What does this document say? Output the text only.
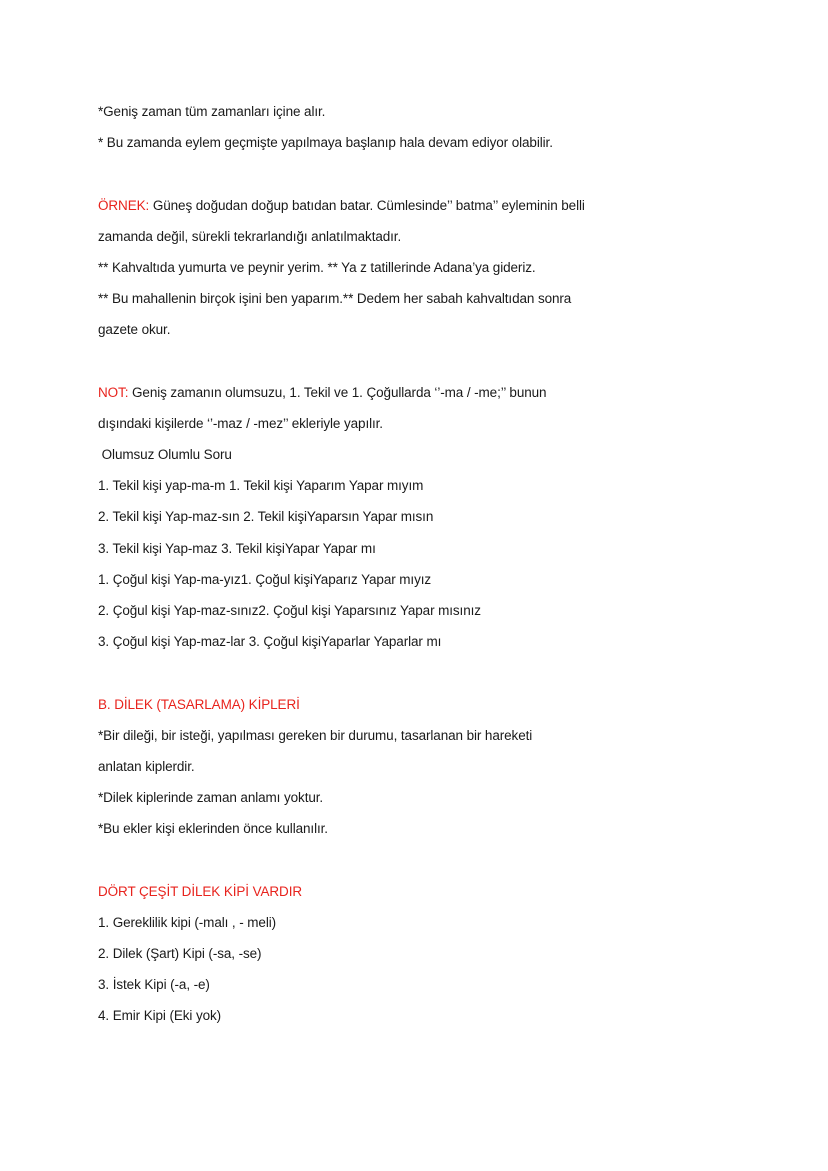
*Geniş zaman tüm zamanları içine alır.
* Bu zamanda eylem geçmişte yapılmaya başlanıp hala devam ediyor olabilir.
ÖRNEK: Güneş doğudan doğup batıdan batar. Cümlesinde’’ batma’’ eyleminin belli
zamanda değil, sürekli tekrarlandığı anlatılmaktadır.
** Kahvaltıda yumurta ve peynir yerim. ** Ya z tatillerinde Adana’ya gideriz.
** Bu mahallenin birçok işini ben yaparım.** Dedem her sabah kahvaltıdan sonra
gazete okur.
NOT: Geniş zamanın olumsuzu, 1. Tekil ve 1. Çoğullarda ‘’-ma / -me;’’ bunun
dışındaki kişilerde ‘’-maz / -mez’’ ekleriyle yapılır.
Olumsuz Olumlu Soru
1. Tekil kişi yap-ma-m 1. Tekil kişi Yaparım Yapar mıyım
2. Tekil kişi Yap-maz-sın 2. Tekil kişiYaparsın Yapar mısın
3. Tekil kişi Yap-maz 3. Tekil kişiYapar Yapar mı
1. Çoğul kişi Yap-ma-yız1. Çoğul kişiYaparız Yapar mıyız
2. Çoğul kişi Yap-maz-sınız2. Çoğul kişi Yaparsınız Yapar mısınız
3. Çoğul kişi Yap-maz-lar 3. Çoğul kişiYaparlar Yaparlar mı
B. DİLEK (TASARLAMA) KİPLERİ
*Bir dileği, bir isteği, yapılması gereken bir durumu, tasarlanan bir hareketi
anlatan kiplerdir.
*Dilek kiplerinde zaman anlamı yoktur.
*Bu ekler kişi eklerinden önce kullanılır.
DÖRT ÇEŞİT DİLEK KİPİ VARDIR
1. Gereklilik kipi (-malı , - meli)
2. Dilek (Şart) Kipi (-sa, -se)
3. İstek Kipi (-a, -e)
4. Emir Kipi (Eki yok)
